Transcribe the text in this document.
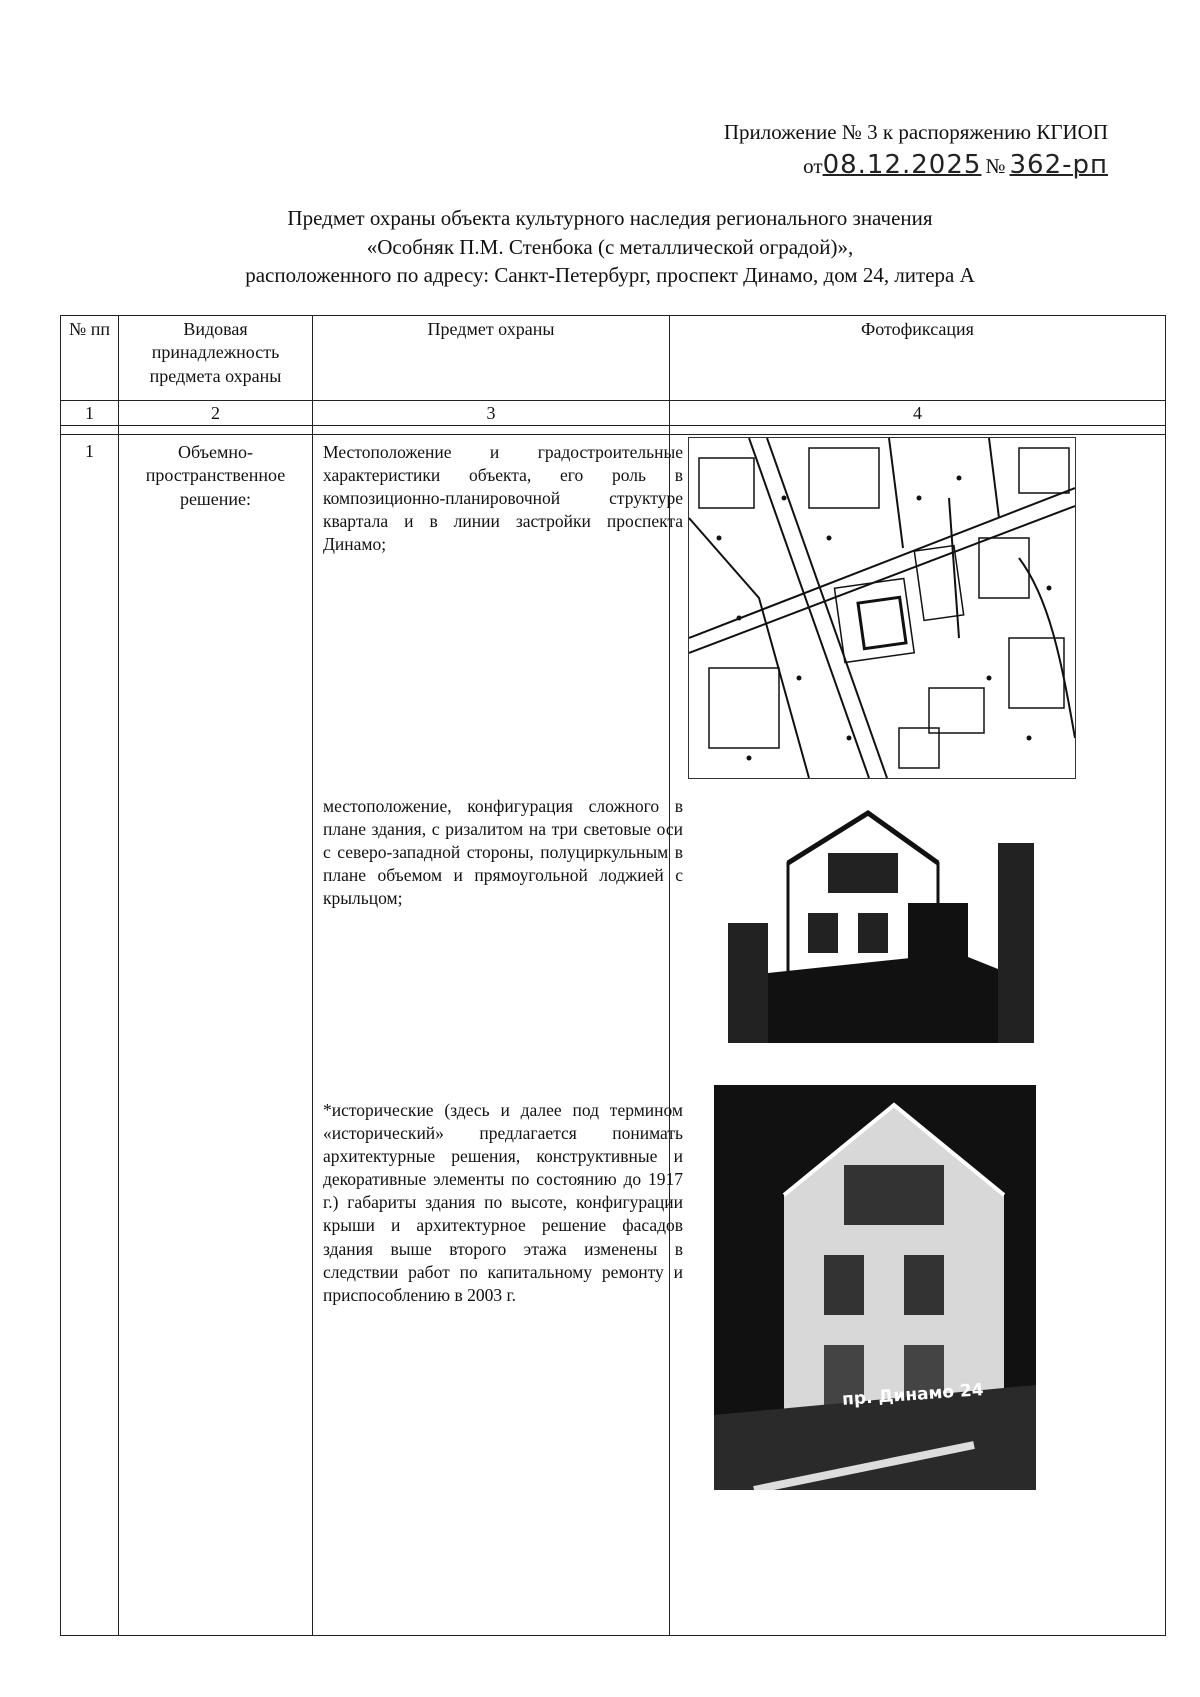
Приложение № 3 к распоряжению КГИОП
от08.12.2025 № 362-рп
Предмет охраны объекта культурного наследия регионального значения
«Особняк П.М. Стенбока (с металлической оградой)»,
расположенного по адресу: Санкт-Петербург, проспект Динамо, дом 24, литера А
№ пп	Видовая принадлежность предмета охраны	Предмет охраны	Фотофиксация
1	2	3	4

1	Объемно-пространственное решение:	Местоположение и градостроительные характеристики объекта, его роль в композиционно-планировочной структуре квартала и в линии застройки проспекта Динамо;
местоположение, конфигурация сложного в плане здания, с ризалитом на три световые оси с северо-западной стороны, полуциркульным в плане объемом и прямоугольной лоджией с крыльцом;
*исторические (здесь и далее под термином «исторический» предлагается понимать архитектурные решения, конструктивные и декоративные элементы по состоянию до 1917 г.) габариты здания по высоте, конфигурации крыши и архитектурное решение фасадов здания выше второго этажа изменены в следствии работ по капитальному ремонту и приспособлению в 2003 г.	пр. Динамо 24
